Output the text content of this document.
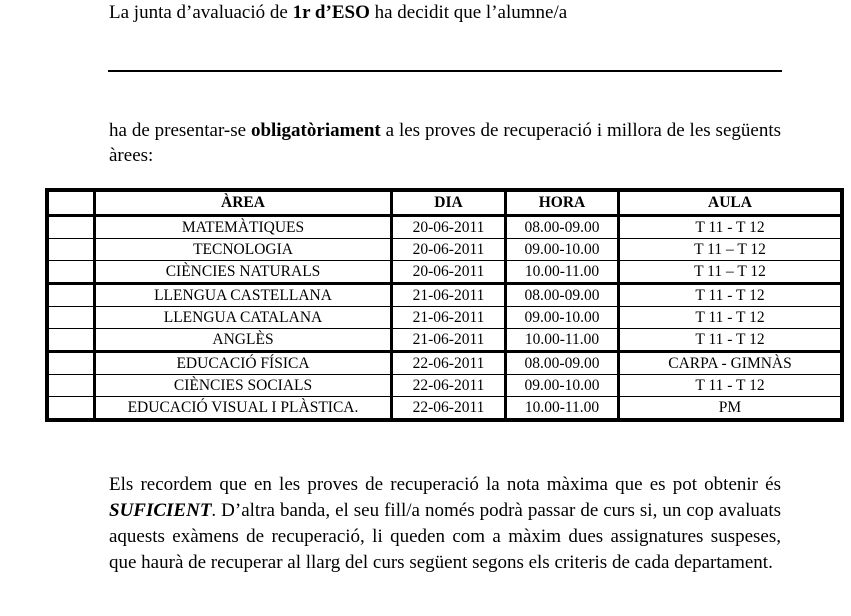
La junta d’avaluació de 1r d’ESO ha decidit que l’alumne/a
ha de presentar-se obligatòriament a les proves de recuperació i millora de les següents àrees:
	ÀREA	DIA	HORA	AULA
	MATEMÀTIQUES	20-06-2011	08.00-09.00	T 11 - T 12
	TECNOLOGIA	20-06-2011	09.00-10.00	T 11 – T 12
	CIÈNCIES NATURALS	20-06-2011	10.00-11.00	T 11 – T 12
	LLENGUA CASTELLANA	21-06-2011	08.00-09.00	T 11 - T 12
	LLENGUA CATALANA	21-06-2011	09.00-10.00	T 11 - T 12
	ANGLÈS	21-06-2011	10.00-11.00	T 11 - T 12
	EDUCACIÓ FÍSICA	22-06-2011	08.00-09.00	CARPA - GIMNÀS
	CIÈNCIES SOCIALS	22-06-2011	09.00-10.00	T 11 - T 12
	EDUCACIÓ VISUAL I PLÀSTICA.	22-06-2011	10.00-11.00	PM
Els recordem que en les proves de recuperació la nota màxima que es pot obtenir és SUFICIENT. D’altra banda, el seu fill/a només podrà passar de curs si, un cop avaluats aquests exàmens de recuperació, li queden com a màxim dues assignatures suspeses, que haurà de recuperar al llarg del curs següent segons els criteris de cada departament.
